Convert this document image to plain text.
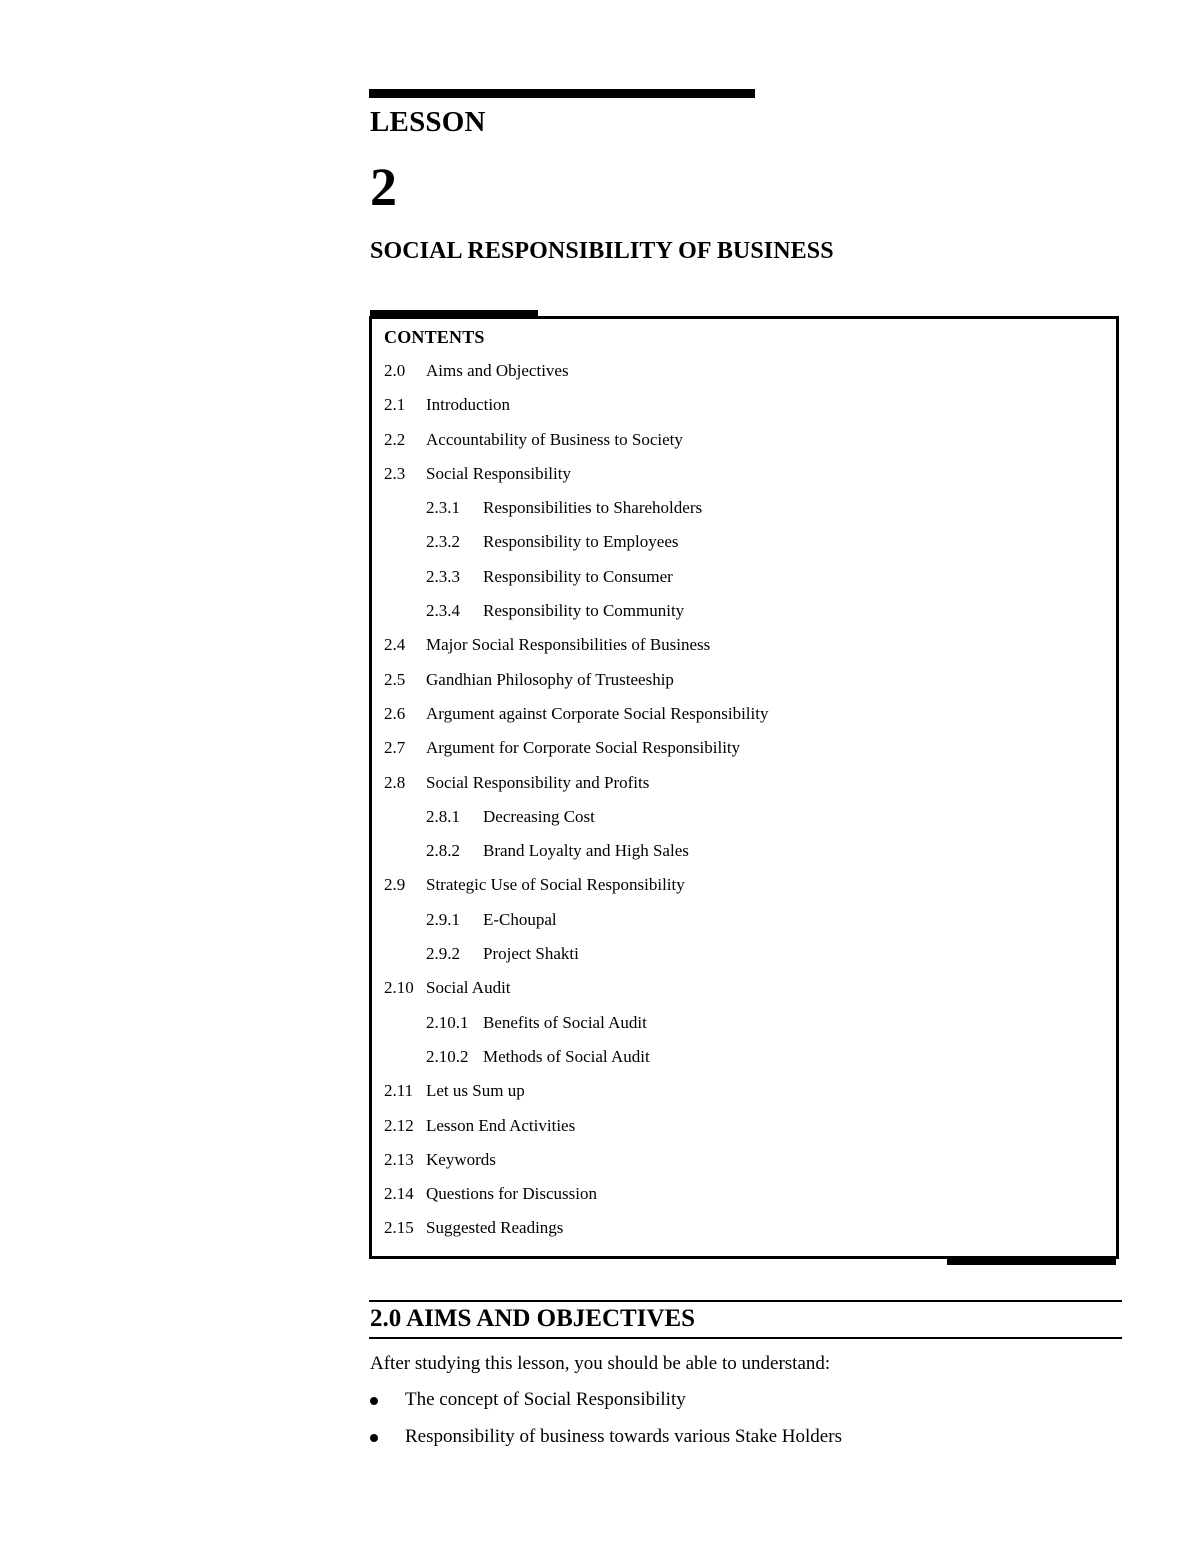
LESSON
2
SOCIAL RESPONSIBILITY OF BUSINESS
CONTENTS
2.0	Aims and Objectives
2.1	Introduction
2.2	Accountability of Business to Society
2.3	Social Responsibility
2.3.1	Responsibilities to Shareholders
2.3.2	Responsibility to Employees
2.3.3	Responsibility to Consumer
2.3.4	Responsibility to Community
2.4	Major Social Responsibilities of Business
2.5	Gandhian Philosophy of Trusteeship
2.6	Argument against Corporate Social Responsibility
2.7	Argument for Corporate Social Responsibility
2.8	Social Responsibility and Profits
2.8.1	Decreasing Cost
2.8.2	Brand Loyalty and High Sales
2.9	Strategic Use of Social Responsibility
2.9.1	E-Choupal
2.9.2	Project Shakti
2.10 Social Audit
2.10.1 Benefits of Social Audit
2.10.2 Methods of Social Audit
2.11 Let us Sum up
2.12 Lesson End Activities
2.13 Keywords
2.14 Questions for Discussion
2.15 Suggested Readings
2.0 AIMS AND OBJECTIVES
After studying this lesson, you should be able to understand:
The concept of Social Responsibility
Responsibility of business towards various Stake Holders
